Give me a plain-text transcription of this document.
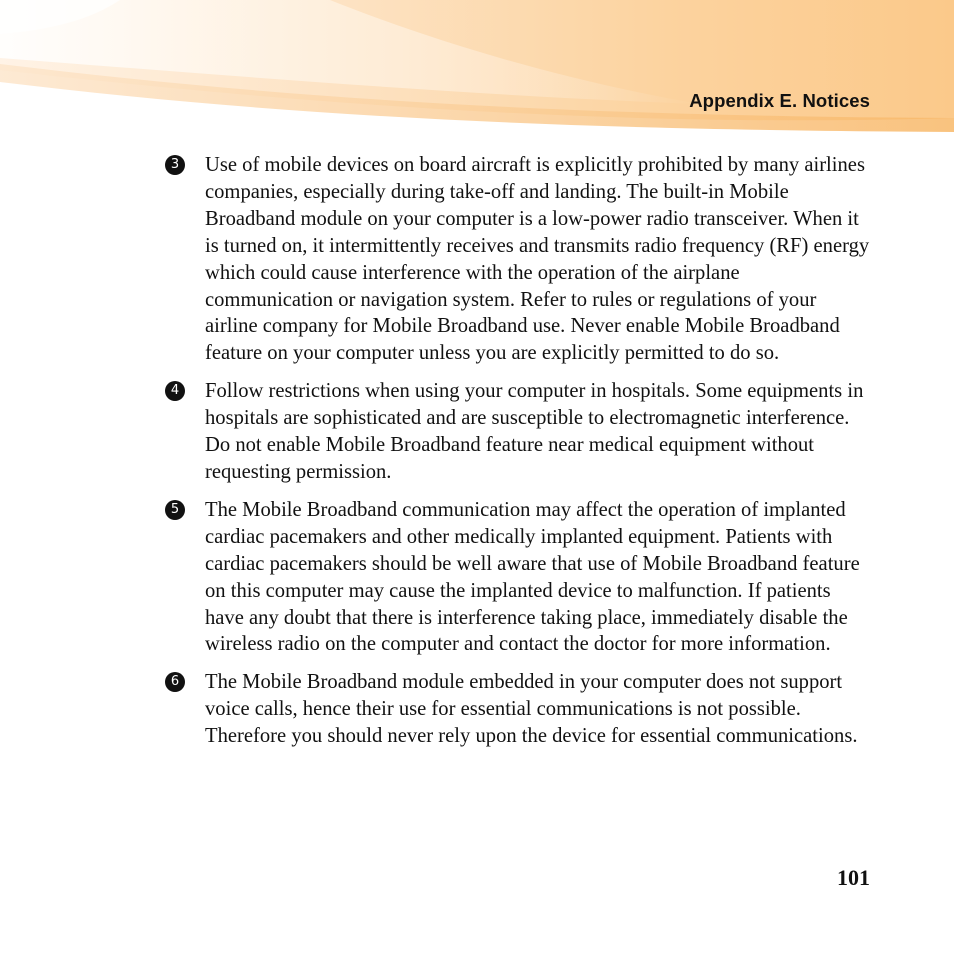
Appendix E. Notices
3 Use of mobile devices on board aircraft is explicitly prohibited by many airlines companies, especially during take-off and landing. The built-in Mobile Broadband module on your computer is a low-power radio transceiver. When it is turned on, it intermittently receives and transmits radio frequency (RF) energy which could cause interference with the operation of the airplane communication or navigation system. Refer to rules or regulations of your airline company for Mobile Broadband use. Never enable Mobile Broadband feature on your computer unless you are explicitly permitted to do so.
4 Follow restrictions when using your computer in hospitals. Some equipments in hospitals are sophisticated and are susceptible to electromagnetic interference. Do not enable Mobile Broadband feature near medical equipment without requesting permission.
5 The Mobile Broadband communication may affect the operation of implanted cardiac pacemakers and other medically implanted equipment. Patients with cardiac pacemakers should be well aware that use of Mobile Broadband feature on this computer may cause the implanted device to malfunction. If patients have any doubt that there is interference taking place, immediately disable the wireless radio on the computer and contact the doctor for more information.
6 The Mobile Broadband module embedded in your computer does not support voice calls, hence their use for essential communications is not possible. Therefore you should never rely upon the device for essential communications.
101
